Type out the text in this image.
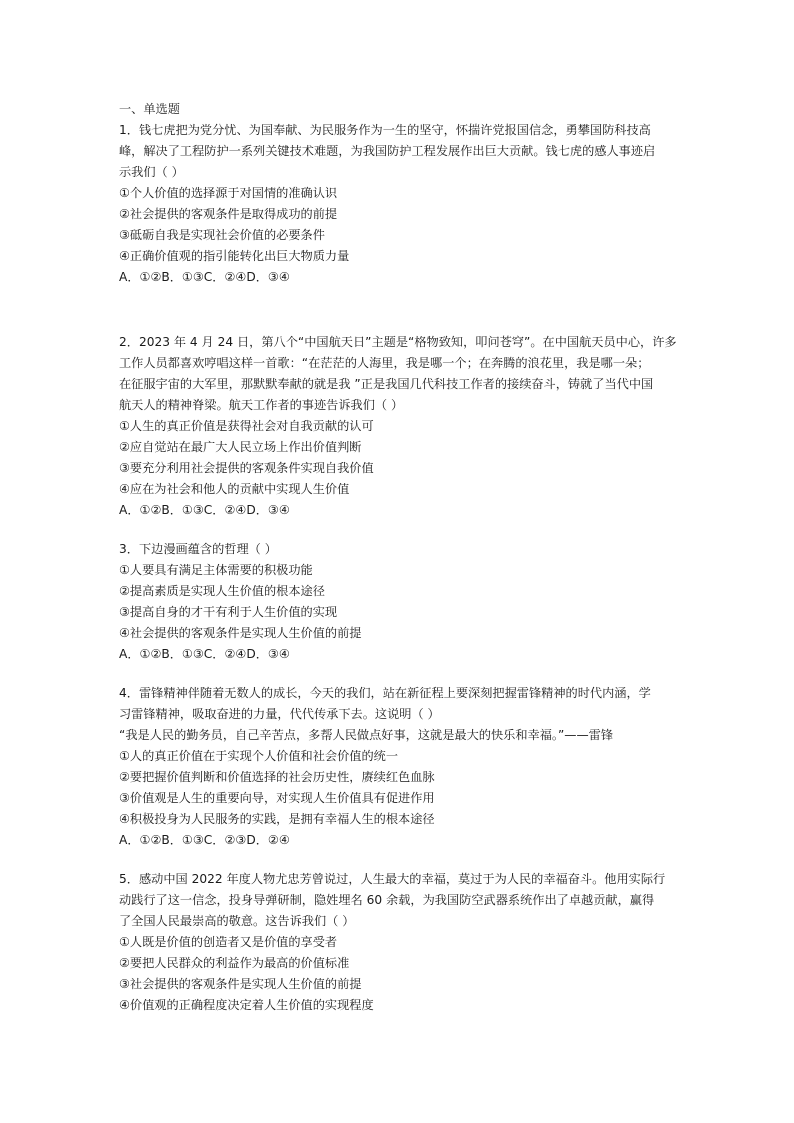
一、单选题
1．钱七虎把为党分忧、为国奉献、为民服务作为一生的坚守，怀揣许党报国信念，勇攀国防科技高
峰，解决了工程防护一系列关键技术难题，为我国防护工程发展作出巨大贡献。钱七虎的感人事迹启
示我们（ ）
①个人价值的选择源于对国情的准确认识
②社会提供的客观条件是取得成功的前提
③砥砺自我是实现社会价值的必要条件
④正确价值观的指引能转化出巨大物质力量
A．①②B．①③C．②④D．③④
2．2023 年 4 月 24 日，第八个“中国航天日”主题是“格物致知，叩问苍穹”。在中国航天员中心，许多
工作人员都喜欢哼唱这样一首歌：“在茫茫的人海里，我是哪一个；在奔腾的浪花里，我是哪一朵；
在征服宇宙的大军里，那默默奉献的就是我 ”正是我国几代科技工作者的接续奋斗，铸就了当代中国
航天人的精神脊梁。航天工作者的事迹告诉我们（ ）
①人生的真正价值是获得社会对自我贡献的认可
②应自觉站在最广大人民立场上作出价值判断
③要充分利用社会提供的客观条件实现自我价值
④应在为社会和他人的贡献中实现人生价值
A．①②B．①③C．②④D．③④
3．下边漫画蕴含的哲理（ ）
①人要具有满足主体需要的积极功能
②提高素质是实现人生价值的根本途径
③提高自身的才干有利于人生价值的实现
④社会提供的客观条件是实现人生价值的前提
A．①②B．①③C．②④D．③④
4．雷锋精神伴随着无数人的成长，今天的我们，站在新征程上要深刻把握雷锋精神的时代内涵，学
习雷锋精神，吸取奋进的力量，代代传承下去。这说明（ ）
“我是人民的勤务员，自己辛苦点，多帮人民做点好事，这就是最大的快乐和幸福。”——雷锋
①人的真正价值在于实现个人价值和社会价值的统一
②要把握价值判断和价值选择的社会历史性，赓续红色血脉
③价值观是人生的重要向导，对实现人生价值具有促进作用
④积极投身为人民服务的实践，是拥有幸福人生的根本途径
A．①②B．①③C．②③D．②④
5．感动中国 2022 年度人物尤忠芳曾说过，人生最大的幸福，莫过于为人民的幸福奋斗。他用实际行
动践行了这一信念，投身导弹研制，隐姓埋名 60 余载，为我国防空武器系统作出了卓越贡献，赢得
了全国人民最崇高的敬意。这告诉我们（ ）
①人既是价值的创造者又是价值的享受者
②要把人民群众的利益作为最高的价值标准
③社会提供的客观条件是实现人生价值的前提
④价值观的正确程度决定着人生价值的实现程度
